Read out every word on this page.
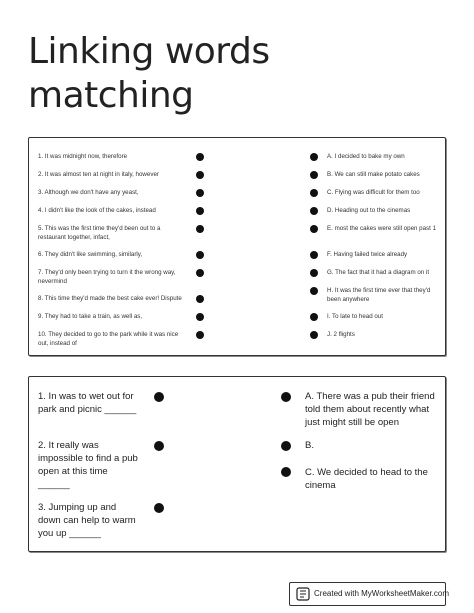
Linking words matching
1. It was midnight now, therefore
2. It was almost ten at night in italy, however
3. Although we don't have any yeast,
4. I didn't like the look of the cakes, instead
5. This was the first time they'd been out to a restaurant together, infact,
6. They didn't like swimming, similarly,
7. They'd only been trying to turn it the wrong way, nevermind
8. This time they'd made the best cake ever! Dispute
9. They had to take a train, as well as,
10. They decided to go to the park while it was nice out, instead of
A. I decided to bake my own
B. We can still make potato cakes
C. Flying was difficult for them too
D. Heading out to the cinemas
E. most the cakes were still open past 1
F. Having failed twice already
G. The fact that it had a diagram on it
H. It was the first time ever that they'd been anywhere
I. To late to head out
J. 2 flights
1. In was to wet out for park and picnic ______
2. It really was impossible to find a pub open at this time ______
3. Jumping up and down can help to warm you up ______
A. There was a pub their friend told them about recently what just might still be open
B.
C. We decided to head to the cinema
Created with MyWorksheetMaker.com
